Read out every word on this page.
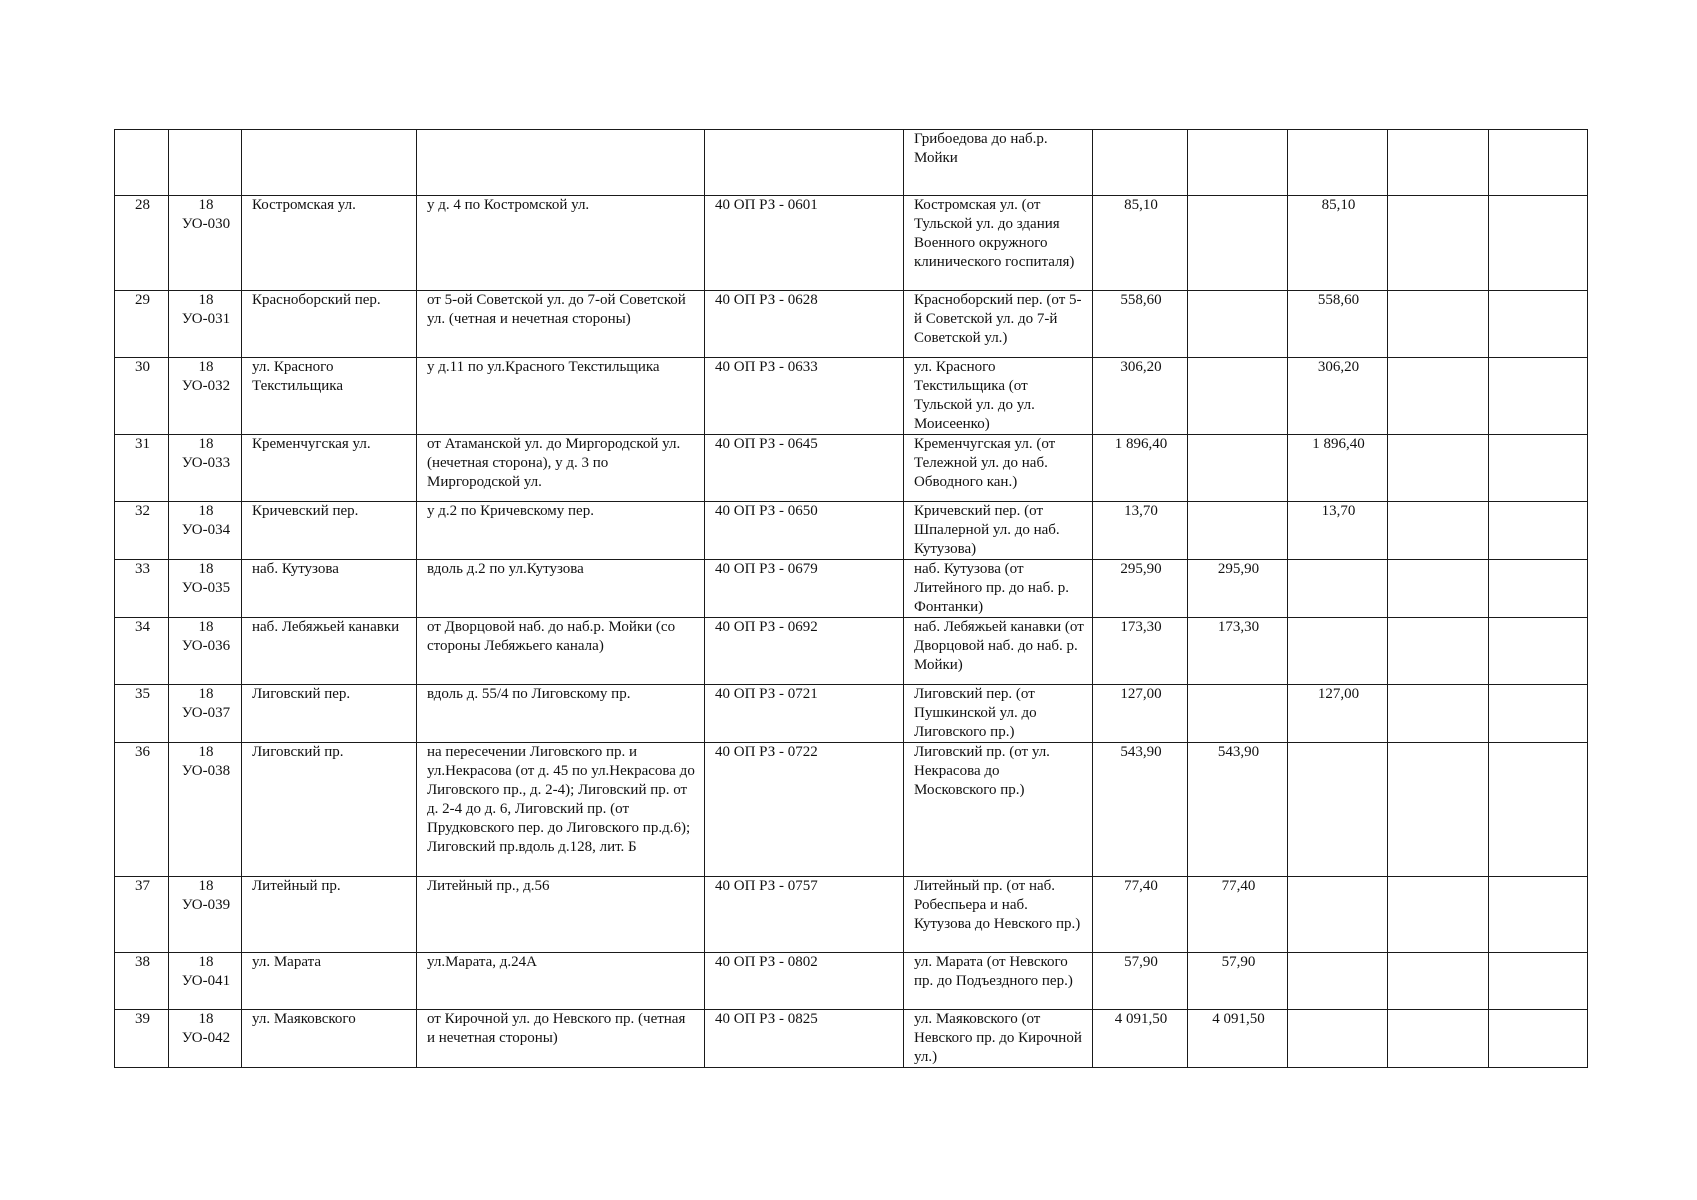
					Грибоедова до наб.р. Мойки					
28	18 УО-030	Костромская ул.	у д. 4 по Костромской ул.	40 ОП РЗ - 0601	Костромская ул. (от Тульской ул. до здания Военного окружного клинического госпиталя)	85,10		85,10		
29	18 УО-031	Красноборский пер.	от 5-ой Советской ул. до 7-ой Советской ул. (четная и нечетная стороны)	40 ОП РЗ - 0628	Красноборский пер. (от 5-й Советской ул. до 7-й Советской ул.)	558,60		558,60		
30	18 УО-032	ул. Красного Текстильщика	у д.11 по ул.Красного Текстильщика	40 ОП РЗ - 0633	ул. Красного Текстильщика (от Тульской ул. до ул. Моисеенко)	306,20		306,20		
31	18 УО-033	Кременчугская ул.	от Атаманской ул. до Миргородской ул. (нечетная сторона), у д. 3 по Миргородской ул.	40 ОП РЗ - 0645	Кременчугская ул. (от Тележной ул. до наб. Обводного кан.)	1 896,40		1 896,40		
32	18 УО-034	Кричевский пер.	у д.2 по Кричевскому пер.	40 ОП РЗ - 0650	Кричевский пер. (от Шпалерной ул. до наб. Кутузова)	13,70		13,70		
33	18 УО-035	наб. Кутузова	вдоль д.2 по ул.Кутузова	40 ОП РЗ - 0679	наб. Кутузова (от Литейного пр. до наб. р. Фонтанки)	295,90	295,90			
34	18 УО-036	наб. Лебяжьей канавки	от Дворцовой наб. до наб.р. Мойки (со стороны Лебяжьего канала)	40 ОП РЗ - 0692	наб. Лебяжьей канавки (от Дворцовой наб. до наб. р. Мойки)	173,30	173,30			
35	18 УО-037	Лиговский пер.	вдоль д. 55/4 по Лиговскому пр.	40 ОП РЗ - 0721	Лиговский пер. (от Пушкинской ул. до Лиговского пр.)	127,00		127,00		
36	18 УО-038	Лиговский пр.	на пересечении Лиговского пр. и ул.Некрасова (от д. 45 по ул.Некрасова до Лиговского пр., д. 2-4); Лиговский пр. от д. 2-4 до д. 6, Лиговский пр. (от Прудковского пер. до Лиговского пр.д.6); Лиговский пр.вдоль д.128, лит. Б	40 ОП РЗ - 0722	Лиговский пр. (от ул. Некрасова до Московского пр.)	543,90	543,90			
37	18 УО-039	Литейный пр.	Литейный пр., д.56	40 ОП РЗ - 0757	Литейный пр. (от наб. Робеспьера и наб. Кутузова до Невского пр.)	77,40	77,40			
38	18 УО-041	ул. Марата	ул.Марата, д.24А	40 ОП РЗ - 0802	ул. Марата (от Невского пр. до Подъездного пер.)	57,90	57,90			
39	18 УО-042	ул. Маяковского	от Кирочной ул. до Невского пр. (четная и нечетная стороны)	40 ОП РЗ - 0825	ул. Маяковского (от Невского пр. до Кирочной ул.)	4 091,50	4 091,50			
